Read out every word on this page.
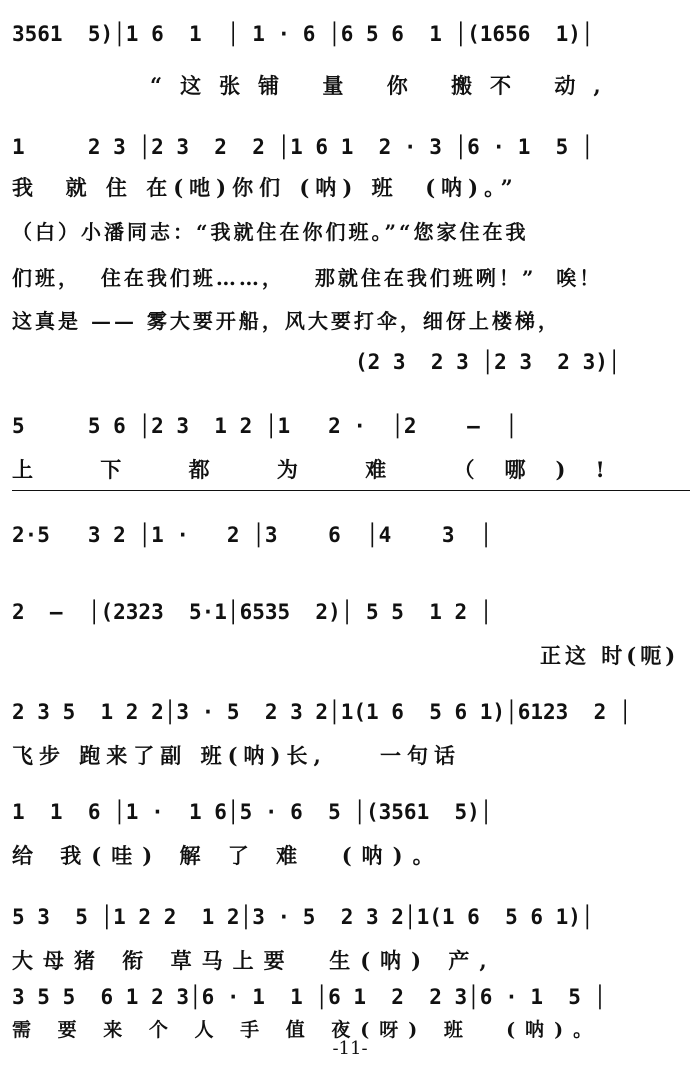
3561  5)│1 6  1  │ 1 · 6 │6 5 6  1 │(1656  1)│
“这张铺 量 你 搬不 动,
1     2 3 │2 3  2  2 │1 6 1  2 · 3 │6 · 1  5 │
我  就 住 在(吔)你们 (呐) 班  (呐)。”
（白）小潘同志：“我就住在你们班。”“您家住在我
们班，  住在我们班……，   那就住在我们班咧！”  唉！
这真是 —— 雾大要开船，风大要打伞，细伢上楼梯，
(2 3  2 3 │2 3  2 3)│
5     5 6 │2 3  1 2 │1   2 ·  │2    —  │
上 下 都 为 难 （哪)!
2·5   3 2 │1 ·   2 │3    6  │4    3  │
2  —  │(2323  5·1│6535  2)│ 5 5  1 2 │
正这 时(呃)
2 3 5  1 2 2│3 · 5  2 3 2│1(1 6  5 6 1)│6123  2 │
飞步 跑来了副 班(呐)长,    一句话
1  1  6 │1 ·  1 6│5 · 6  5 │(3561  5)│
给 我(哇) 解 了 难  (呐)。
5 3  5 │1 2 2  1 2│3 · 5  2 3 2│1(1 6  5 6 1)│
大母猪 衔 草马上要  生(呐) 产,
3 5 5  6 1 2 3│6 · 1  1 │6 1  2  2 3│6 · 1  5 │
需 要 来 个 人 手 值 夜(呀) 班  (呐)。
-11-
